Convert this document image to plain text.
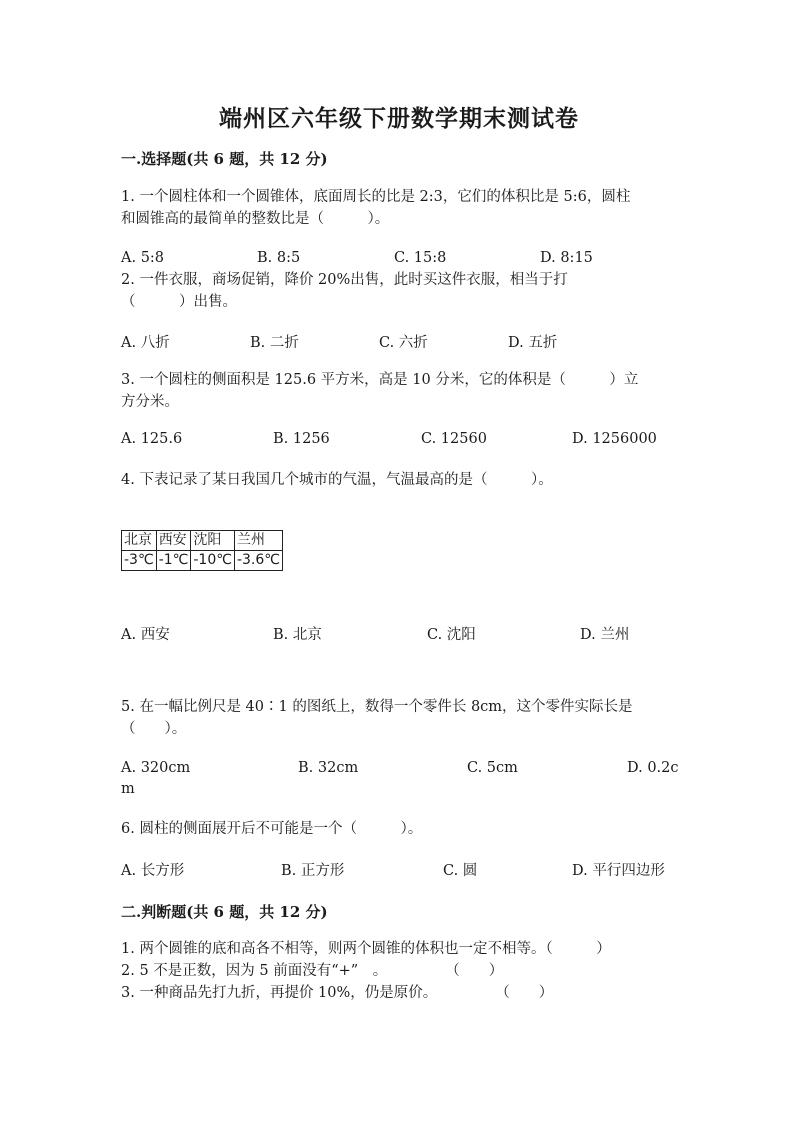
端州区六年级下册数学期末测试卷
一.选择题(共 6 题，共 12 分)
1. 一个圆柱体和一个圆锥体，底面周长的比是 2:3，它们的体积比是 5:6，圆柱
和圆锥高的最简单的整数比是（　　　）。
A. 5:8	B. 8:5	C. 15:8	D. 8:15
2. 一件衣服，商场促销，降价 20%出售，此时买这件衣服，相当于打
（　　　）出售。
A. 八折	B. 二折	C. 六折	D. 五折
3. 一个圆柱的侧面积是 125.6 平方米，高是 10 分米，它的体积是（　　　）立
方分米。
A. 125.6	B. 1256	C. 12560	D. 1256000
4. 下表记录了某日我国几个城市的气温，气温最高的是（　　　）。
北京	西安	沈阳	兰州
-3℃	-1℃	-10℃	-3.6℃
A. 西安	B. 北京	C. 沈阳	D. 兰州
5. 在一幅比例尺是 40∶1 的图纸上，数得一个零件长 8cm，这个零件实际长是
（　　）。
A. 320cm	B. 32cm	C. 5cm	D. 0.2c
m
6. 圆柱的侧面展开后不可能是一个（　　　）。
A. 长方形	B. 正方形	C. 圆	D. 平行四边形
二.判断题(共 6 题，共 12 分)
1. 两个圆锥的底和高各不相等，则两个圆锥的体积也一定不相等。（　　　）
2. 5 不是正数，因为 5 前面没有“+”　。　　　　　（　　）
3. 一种商品先打九折，再提价 10%，仍是原价。　　　　　（　　）
